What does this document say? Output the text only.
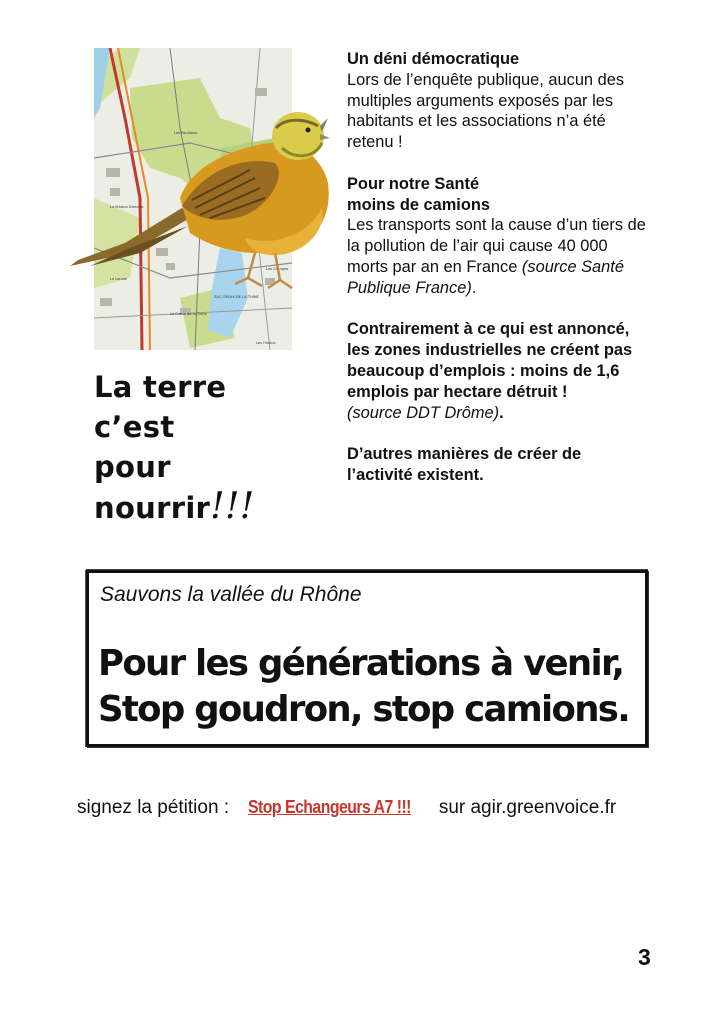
Les Pouilloux
La Maison Blanche
Le Creux de la Thine
ZAC CREUX DE LA THINE
Les Granges
Le Louvel
Les Hivoux
La terre
c’est
pour
nourrir!!!
Un déni démocratique
Lors de l’enquête publique, aucun des multiples arguments exposés par les habitants et les associations n’a été retenu !
Pour notre Santé
moins de camions
Les transports sont la cause d’un tiers de la pollution de l’air qui cause 40 000 morts par an en France (source Santé Publique France).
Contrairement à ce qui est annoncé, les zones industrielles ne créent pas beaucoup d’emplois : moins de 1,6 emplois par hectare détruit !
(source DDT Drôme).
D’autres manières de créer de l’activité existent.
Sauvons la vallée du Rhône
Pour les générations à venir,
Stop goudron, stop camions.
signez la pétition : Stop Echangeurs A7 !!! sur agir.greenvoice.fr
3
